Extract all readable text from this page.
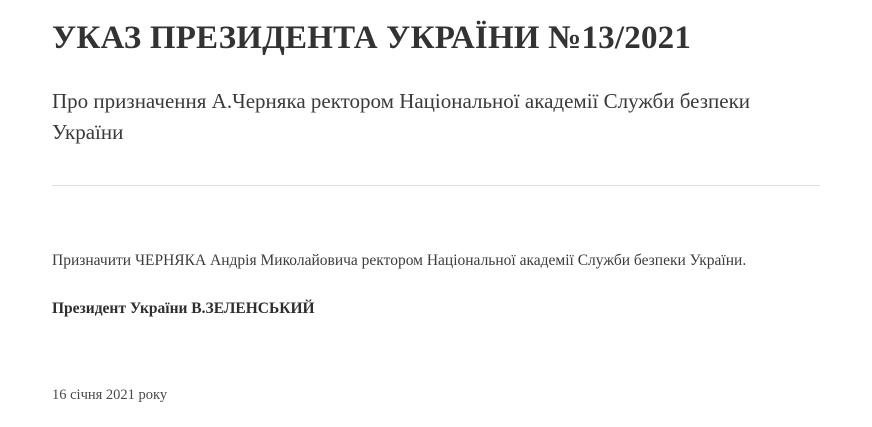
УКАЗ ПРЕЗИДЕНТА УКРАЇНИ №13/2021
Про призначення А.Черняка ректором Національної академії Служби безпеки України

Призначити ЧЕРНЯКА Андрія Миколайовича ректором Національної академії Служби безпеки України.

Президент України В.ЗЕЛЕНСЬКИЙ

16 січня 2021 року
